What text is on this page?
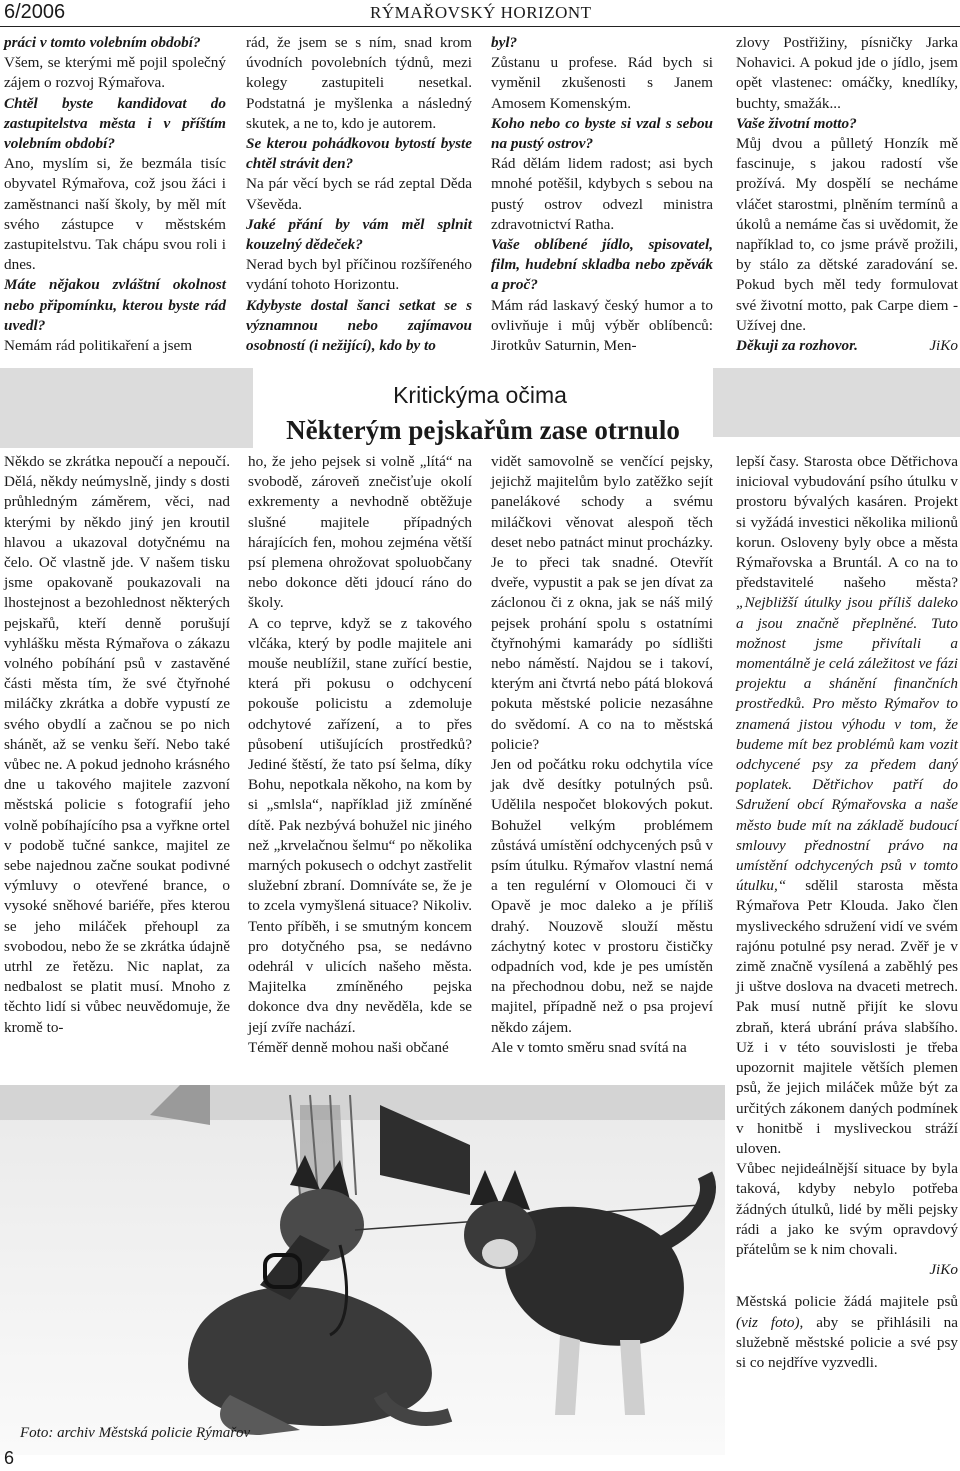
6/2006	RÝMAŘOVSKÝ HORIZONT

práci v tomto volebním období?

Všem, se kterými mě pojil společný zájem o rozvoj Rýmařova.

Chtěl byste kandidovat do zastupitelstva města i v příštím volebním období?

Ano, myslím si, že bezmála tisíc obyvatel Rýmařova, což jsou žáci i zaměstnanci naší školy, by měl mít svého zástupce v městském zastupitelstvu. Tak chápu svou roli i dnes.

Máte nějakou zvláštní okolnost nebo připomínku, kterou byste rád uvedl?

Nemám rád politikaření a jsem

rád, že jsem se s ním, snad krom úvodních povolebních týdnů, mezi kolegy zastupiteli nesetkal. Podstatná je myšlenka a následný skutek, a ne to, kdo je autorem.

Se kterou pohádkovou bytostí byste chtěl strávit den?

Na pár věcí bych se rád zeptal Děda Vševěda.

Jaké přání by vám měl splnit kouzelný dědeček?

Nerad bych byl příčinou rozšířeného vydání tohoto Horizontu.

Kdybyste dostal šanci setkat se s významnou nebo zajímavou osobností (i nežijící), kdo by to

byl?

Zůstanu u profese. Rád bych si vyměnil zkušenosti s Janem Amosem Komenským.

Koho nebo co byste si vzal s sebou na pustý ostrov?

Rád dělám lidem radost; asi bych mnohé potěšil, kdybych s sebou na pustý ostrov odvezl ministra zdravotnictví Ratha.

Vaše oblíbené jídlo, spisovatel, film, hudební skladba nebo zpěvák a proč?

Mám rád laskavý český humor a to ovlivňuje i můj výběr oblíbenců: Jirotkův Saturnin, Men-

zlovy Postřižiny, písničky Jarka Nohavici. A pokud jde o jídlo, jsem opět vlastenec: omáčky, knedlíky, buchty, smažák...

Vaše životní motto?

Můj dvou a půlletý Honzík mě fascinuje, s jakou radostí vše prožívá. My dospělí se necháme vláčet starostmi, plněním termínů a úkolů a nemáme čas si uvědomit, že například to, co jsme právě prožili, by stálo za dětské zaradování se. Pokud bych měl tedy formulovat své životní motto, pak Carpe diem - Užívej dne.

Děkuji za rozhovor.	JiKo

Kritickýma očima
Některým pejskařům zase otrnulo

Někdo se zkrátka nepoučí a nepoučí. Dělá, někdy neúmyslně, jindy s dosti průhledným záměrem, věci, nad kterými by někdo jiný jen kroutil hlavou a ukazoval dotyčnému na čelo. Oč vlastně jde. V našem tisku jsme opakovaně poukazovali na lhostejnost a bezohlednost některých pejskařů, kteří denně porušují vyhlášku města Rýmařova o zákazu volného pobíhání psů v zastavěné části města tím, že své čtyřnohé miláčky zkrátka a dobře vypustí ze svého obydlí a začnou se po nich shánět, až se venku šeří. Nebo také vůbec ne. A pokud jednoho krásného dne u takového majitele zazvoní městská policie s fotografií jeho volně pobíhajícího psa a vyřkne ortel v podobě tučné sankce, majitel ze sebe najednou začne soukat podivné výmluvy o otevřené brance, o vysoké sněhové bariéře, přes kterou se jeho miláček přehoupl za svobodou, nebo že se zkrátka údajně utrhl ze řetězu. Nic naplat, za nedbalost se platit musí. Mnoho z těchto lidí si vůbec neuvědomuje, že kromě to-

ho, že jeho pejsek si volně „lítá“ na svobodě, zároveň znečisťuje okolí exkrementy a nevhodně obtěžuje slušné majitele případných hárajících fen, mohou zejména větší psí plemena ohrožovat spoluobčany nebo dokonce děti jdoucí ráno do školy.

A co teprve, když se z takového vlčáka, který by podle majitele ani mouše neublížil, stane zuřící bestie, která při pokusu o odchycení pokouše policistu a zdemoluje odchytové zařízení, a to přes působení utišujících prostředků? Jediné štěstí, že tato psí šelma, díky Bohu, nepotkala někoho, na kom by si „smlsla“, například již zmíněné dítě. Pak nezbývá bohužel nic jiného než „krvelačnou šelmu“ po několika marných pokusech o odchyt zastřelit služební zbraní. Domníváte se, že je to zcela vymyšlená situace? Nikoliv. Tento příběh, i se smutným koncem pro dotyčného psa, se nedávno odehrál v ulicích našeho města. Majitelka zmíněného pejska dokonce dva dny nevěděla, kde se její zvíře nachází.

Téměř denně mohou naši občané

vidět samovolně se venčící pejsky, jejichž majitelům bylo zatěžko sejít panelákové schody a svému miláčkovi věnovat alespoň těch deset nebo patnáct minut procházky. Je to přeci tak snadné. Otevřít dveře, vypustit a pak se jen dívat za záclonou či z okna, jak se náš milý pejsek prohání spolu s ostatními čtyřnohými kamarády po sídlišti nebo náměstí. Najdou se i takoví, kterým ani čtvrtá nebo pátá bloková pokuta městské policie nezasáhne do svědomí. A co na to městská policie?

Jen od počátku roku odchytila více jak dvě desítky potulných psů. Udělila nespočet blokových pokut. Bohužel velkým problémem zůstává umístění odchycených psů v psím útulku. Rýmařov vlastní nemá a ten regulérní v Olomouci či v Opavě je moc daleko a je příliš drahý. Nouzově slouží městu záchytný kotec v prostoru čističky odpadních vod, kde je pes umístěn na přechodnou dobu, než se najde majitel, případně než o psa projeví někdo zájem.

Ale v tomto směru snad svítá na

lepší časy. Starosta obce Dětřichova inicioval vybudování psího útulku v prostoru bývalých kasáren. Projekt si vyžádá investici několika milionů korun. Osloveny byly obce a města Rýmařovska a Bruntál. A co na to představitelé našeho města? „Nejbližší útulky jsou příliš daleko a jsou značně přeplněné. Tuto možnost jsme přivítali a momentálně je celá záležitost ve fázi projektu a shánění finančních prostředků. Pro město Rýmařov to znamená jistou výhodu v tom, že budeme mít bez problémů kam vozit odchycené psy za předem daný poplatek. Dětřichov patří do Sdružení obcí Rýmařovska a naše město bude mít na základě budoucí smlouvy přednostní právo na umístění odchycených psů v tomto útulku,“ sdělil starosta města Rýmařova Petr Klouda. Jako člen mysliveckého sdružení vidí ve svém rajónu potulné psy nerad. Zvěř je v zimě značně vysílená a zaběhlý pes ji uštve doslova na dvaceti metrech. Pak musí nutně přijít ke slovu zbraň, která ubrání práva slabšího. Už i v této souvislosti je třeba upozornit majitele větších plemen psů, že jejich miláček může být za určitých zákonem daných podmínek v honitbě i mysliveckou stráží uloven.

Vůbec nejideálnější situace by byla taková, kdyby nebylo potřeba žádných útulků, lidé by měli pejsky rádi a jako ke svým opravdový přátelům se k nim chovali.

JiKo

Městská policie žádá majitele psů (viz foto), aby se přihlásili na služebně městské policie a své psy si co nejdříve vyzvedli.

Foto: archiv Městská policie Rýmařov
6
